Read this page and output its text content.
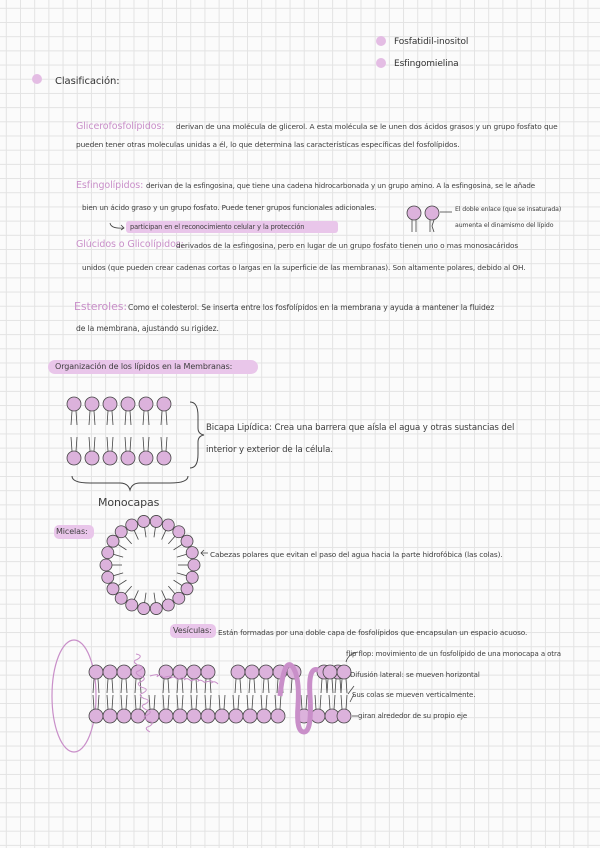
Fosfatidil-inositol
Esfingomielina
Clasificación:
Glicerofosfolípidos: derivan de una molécula de glicerol. A esta molécula se le unen dos ácidos grasos y un grupo fosfato que
pueden tener otras moleculas unidas a él, lo que determina las características específicas del fosfolípidos.
Esfingolípidos: derivan de la esfingosina, que tiene una cadena hidrocarbonada y un grupo amino. A la esfingosina, se le añade
bien un ácido graso y un grupo fosfato. Puede tener grupos funcionales adicionales.
participan en el reconocimiento celular y la protección
El doble enlace (que se insaturada)
aumenta el dinamismo del lípido
Glúcidos o Glicolípidos:
derivados de la esfingosina, pero en lugar de un grupo fosfato tienen uno o mas monosacáridos
unidos (que pueden crear cadenas cortas o largas en la superficie de las membranas). Son altamente polares, debido al OH.
Esteroles: Como el colesterol. Se inserta entre los fosfolípidos en la membrana y ayuda a mantener la fluidez
de la membrana, ajustando su rigidez.
Organización de los lípidos en la Membranas:
Bicapa Lipídica: Crea una barrera que aísla el agua y otras sustancias del
interior y exterior de la célula.
Monocapas
Micelas:
Cabezas polares que evitan el paso del agua hacia la parte hidrofóbica (las colas).
Vesículas: Están formadas por una doble capa de fosfolípidos que encapsulan un espacio acuoso.
flip flop: movimiento de un fosfolípido de una monocapa a otra
Difusión lateral: se mueven horizontal
Sus colas se mueven verticalmente.
giran alrededor de su propio eje
